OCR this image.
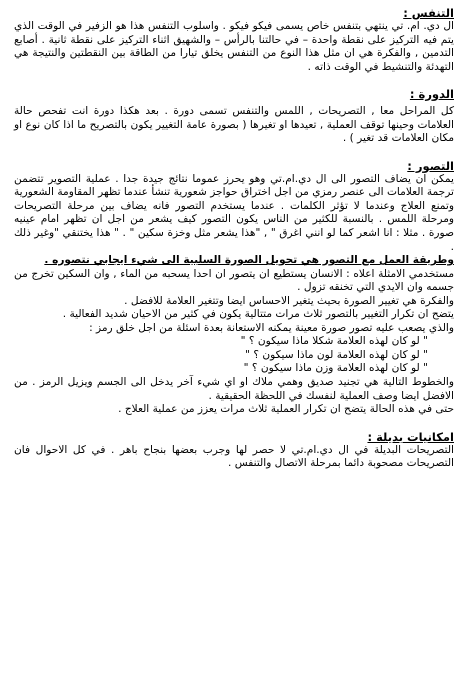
التنفس :

ال دي. ام. تي ينتهي بتنفس خاص يسمى فيكو فيكو . واسلوب التنفس هذا هو الزفير في الوقت الذي يتم فيه التركيز على نقطة واحدة – في حالتنا بالرأس – والشهيق اثناء التركيز على نقطة ثانية . أصابع التدمين , والفكرة هي ان مثل هذا النوع من التنفس يخلق تيارا من الطاقة بين النقطتين والنتيجة هي التهدئة والتنشيط في الوقت ذاته .

الدورة :

كل المراحل معا , التصريحات , اللمس والتنفس تسمى دورة . بعد هكذا دورة انت تفحص حالة العلامات وحينها توقف العملية , تعيدها او تغيرها ( بصورة عامة التغيير يكون بالتصريح ما اذا كان نوع او مكان العلامات قد تغير ) .

التصور :

يمكن ان يضاف التصور الى ال دي.ام.تي وهو يحرز عموما نتائج جيدة جدا . عملية التصوير تتضمن ترجمة العلامات الى عنصر رمزي من اجل اختراق حواجز شعورية تنشأ عندما تظهر المقاومة الشعورية وتمنع العلاج وعندما لا تؤثر الكلمات . عندما يستخدم التصور فانه يضاف بين مرحلة التصريحات ومرحلة اللمس . بالنسبة للكثير من الناس يكون التصور كيف يشعر من اجل ان تظهر امام عينيه صورة . مثلا : انا اشعر كما لو انني اغرق " , "هذا يشعر مثل وخزة سكين " . " هذا يختنقي "وغير ذلك .

وطريقة العمل مع التصور هي تحويل الصورة السلبية الى شيء ايجابي نتصوره .

مستخدمي الامثلة اعلاه : الانسان يستطيع ان يتصور ان احدا يسحبه من الماء , وان السكين تخرج من جسمه وان الايدي التي تخنقه تزول .

والفكرة هي تغيير الصورة بحيث يتغير الاحساس ايضا وتتغير العلامة للافضل .

يتضح ان تكرار التغيير بالتصور ثلاث مرات متتالية يكون في كثير من الاحيان شديد الفعالية .

والذي يصعب عليه تصور صورة معينة يمكنه الاستعانة بعدة اسئلة من اجل خلق رمز :

" لو كان لهذه العلامة شكلا ماذا سيكون ؟ "
" لو كان لهذه العلامة لون ماذا سيكون ؟ "
" لو كان لهذه العلامة وزن ماذا سيكون ؟ "

والخطوط التالية هي تجنيد صديق وهمي ملاك او اي شيء آخر يدخل الى الجسم ويزيل الرمز . من الافضل ايضا وصف العملية لنفسك في اللحظة الحقيقية .

حتى في هذه الحالة يتضح ان تكرار العملية ثلاث مرات يعزز من عملية العلاج .

امكانيات بديلة :

التصريحات البديلة في ال دي.ام.تي لا حصر لها وجرب بعضها بنجاح باهر . في كل الاحوال فان التصريحات مصحوبة دائما بمرحلة الاتصال والتنفس .
